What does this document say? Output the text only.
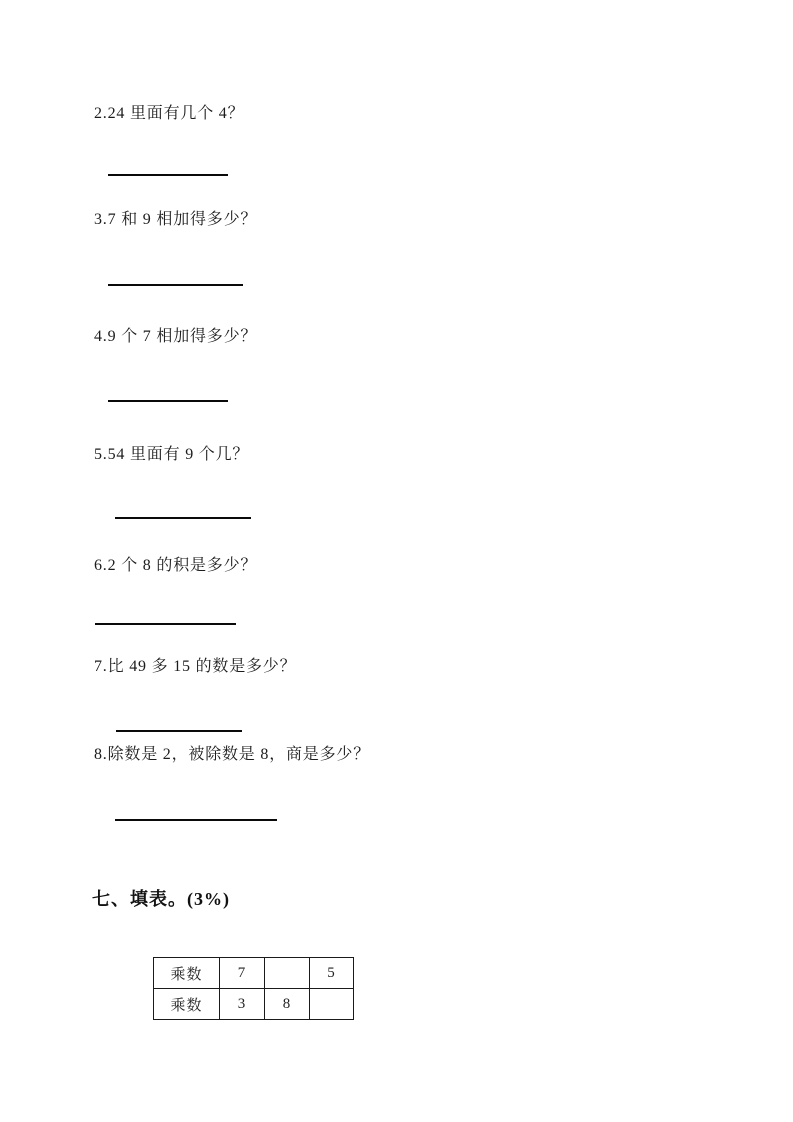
2.24 里面有几个 4？
3.7 和 9 相加得多少？
4.9 个 7 相加得多少？
5.54 里面有 9 个几？
6.2 个 8 的积是多少？
7.比 49 多 15 的数是多少？
8.除数是 2，被除数是 8，商是多少？
七、填表。(3%)
乘数	7		5
乘数	3	8	
